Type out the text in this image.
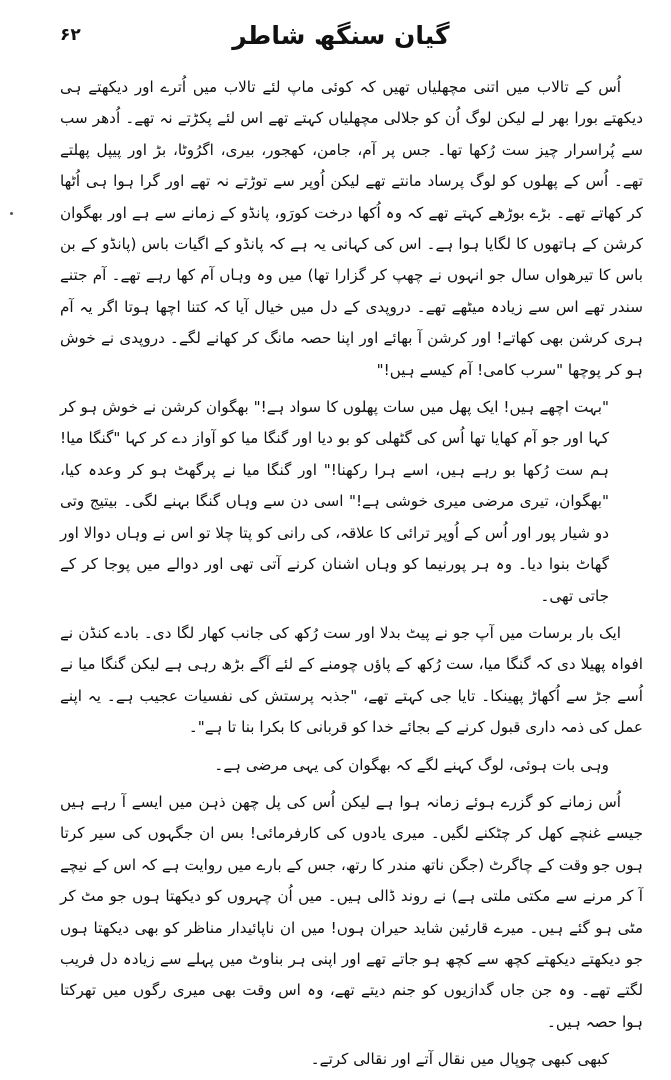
۶۲	گیان سنگھ شاطر

اُس کے تالاب میں اتنی مچھلیاں تھیں کہ کوئی ماپ لئے تالاب میں اُترے اور دیکھتے ہی دیکھتے بورا بھر لے لیکن لوگ اُن کو جلالی مچھلیاں کہتے تھے اس لئے پکڑتے نہ تھے۔ اُدھر سب سے پُراسرار چیز ست رُکھا تھا۔ جس پر آم، جامن، کھجور، بیری، اگرُوٹا، بڑ اور پیپل پھلتے تھے۔ اُس کے پھلوں کو لوگ پرساد مانتے تھے لیکن اُوپر سے توڑتے نہ تھے اور گرا ہوا ہی اُٹھا کر کھاتے تھے۔ بڑے بوڑھے کہتے تھے کہ وہ اُکھا درخت کورَو، پانڈو کے زمانے سے ہے اور بھگوان کرشن کے ہاتھوں کا لگایا ہوا ہے۔ اس کی کہانی یہ ہے کہ پانڈو کے اگیات باس (پانڈو کے بن باس کا تیرھواں سال جو انہوں نے چھپ کر گزارا تھا) میں وہ وہاں آم کھا رہے تھے۔ آم جتنے سندر تھے اس سے زیادہ میٹھے تھے۔ دروپدی کے دل میں خیال آیا کہ کتنا اچھا ہوتا اگر یہ آم ہری کرشن بھی کھاتے! اور کرشن آ بھائے اور اپنا حصہ مانگ کر کھانے لگے۔ دروپدی نے خوش ہو کر پوچھا "سرب کامی! آم کیسے ہیں!"

"بہت اچھے ہیں! ایک پھل میں سات پھلوں کا سواد ہے!" بھگوان کرشن نے خوش ہو کر کہا اور جو آم کھایا تھا اُس کی گٹھلی کو بو دیا اور گنگا میا کو آواز دے کر کہا "گنگا میا! ہم ست رُکھا بو رہے ہیں، اسے ہرا رکھنا!" اور گنگا میا نے پرگھٹ ہو کر وعدہ کیا، "بھگوان، تیری مرضی میری خوشی ہے!" اسی دن سے وہاں گنگا بہنے لگی۔ بیتیج وتی دو شیار پور اور اُس کے اُوپر ترائی کا علاقہ، کی رانی کو پتا چلا تو اس نے وہاں دوالا اور گھاٹ بنوا دیا۔ وہ ہر پورنیما کو وہاں اشنان کرنے آتی تھی اور دوالے میں پوجا کر کے جاتی تھی۔

ایک بار برسات میں آپ جو نے پیٹ بدلا اور ست رُکھ کی جانب کھار لگا دی۔ بادے کنڈن نے افواہ پھیلا دی کہ گنگا میا، ست رُکھ کے پاؤں چومنے کے لئے آگے بڑھ رہی ہے لیکن گنگا میا نے اُسے جڑ سے اُکھاڑ پھینکا۔ تایا جی کہتے تھے، "جذبہ پرستش کی نفسیات عجیب ہے۔ یہ اپنے عمل کی ذمہ داری قبول کرنے کے بجائے خدا کو قربانی کا بکرا بنا تا ہے"۔

وہی بات ہوئی، لوگ کہنے لگے کہ بھگوان کی یہی مرضی ہے۔

اُس زمانے کو گزرے ہوئے زمانہ ہوا ہے لیکن اُس کی پل چھن ذہن میں ایسے آ رہے ہیں جیسے غنچے کھل کر چٹکنے لگیں۔ میری یادوں کی کارفرمائی! بس ان جگہوں کی سیر کرتا ہوں جو وقت کے چاگرٹ (جگن ناتھ مندر کا رتھ، جس کے بارے میں روایت ہے کہ اس کے نیچے آ کر مرنے سے مکتی ملتی ہے) نے روند ڈالی ہیں۔ میں اُن چہروں کو دیکھتا ہوں جو مٹ کر مٹی ہو گئے ہیں۔ میرے قارئین شاید حیران ہوں! میں ان ناپائیدار مناظر کو بھی دیکھتا ہوں جو دیکھتے دیکھتے کچھ سے کچھ ہو جاتے تھے اور اپنی ہر بناوٹ میں پہلے سے زیادہ دل فریب لگتے تھے۔ وہ جن جاں گدازیوں کو جنم دیتے تھے، وہ اس وقت بھی میری رگوں میں تھرکتا ہوا حصہ ہیں۔

کبھی کبھی چوپال میں نقال آتے اور نقالی کرتے۔
